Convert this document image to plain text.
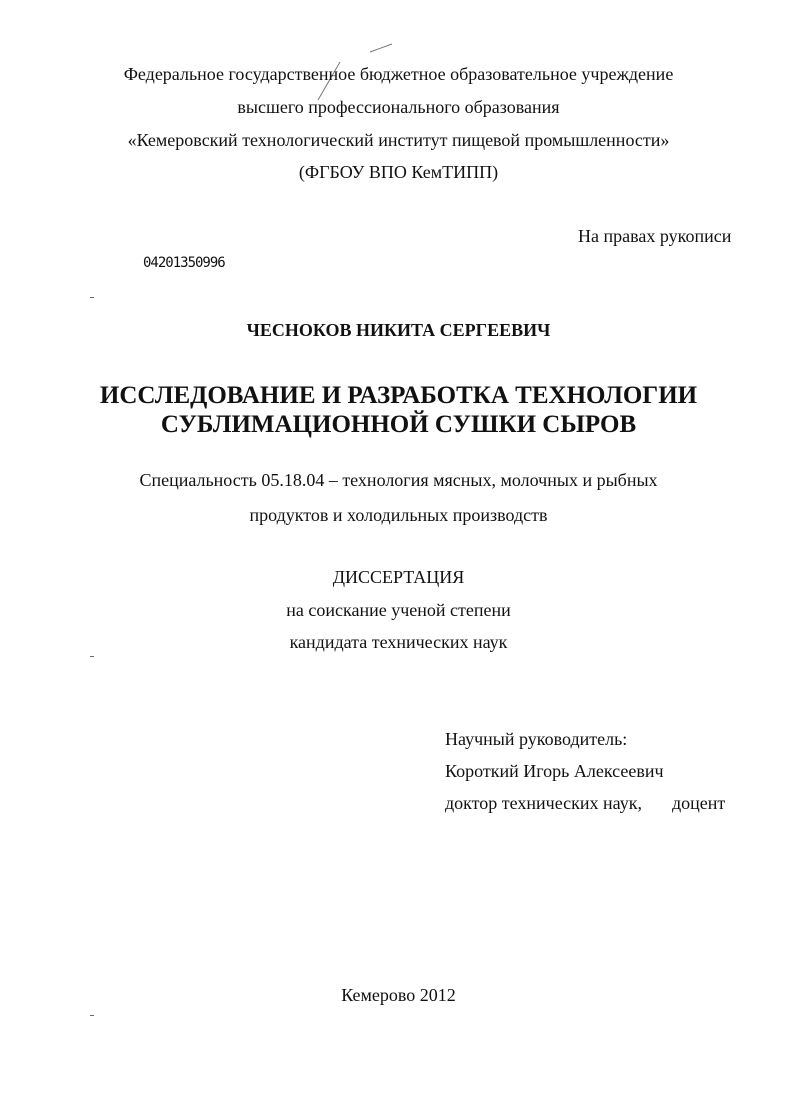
Федеральное государственное бюджетное образовательное учреждение
высшего профессионального образования
«Кемеровский технологический институт пищевой промышленности»
(ФГБОУ ВПО КемТИПП)
На правах рукописи
04201350996
ЧЕСНОКОВ НИКИТА СЕРГЕЕВИЧ
ИССЛЕДОВАНИЕ И РАЗРАБОТКА ТЕХНОЛОГИИ
СУБЛИМАЦИОННОЙ СУШКИ СЫРОВ
Специальность 05.18.04 – технология мясных, молочных и рыбных
продуктов и холодильных производств
ДИССЕРТАЦИЯ
на соискание ученой степени
кандидата технических наук
Научный руководитель:
Короткий Игорь Алексеевич
доктор технических наук, доцент
Кемерово 2012
